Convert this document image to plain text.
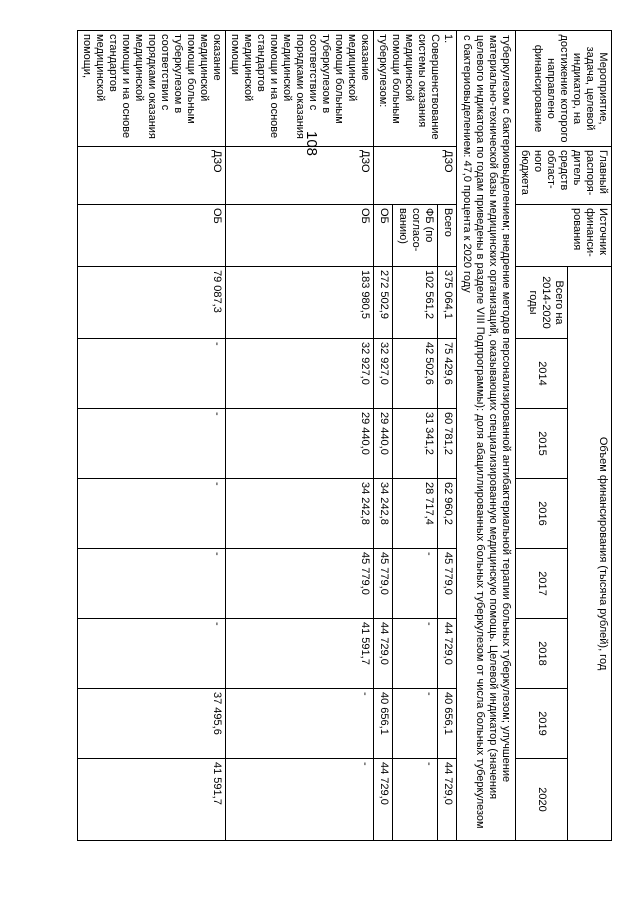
108
Мероприятие, задача, целевой индикатор, на достижение которого направлено финансирование	Главный распоря-дитель средств област-ного бюджета	Источник финанси-рования	Объем финансирования (тысяча рублей), год							
			Всего на 2014-2020 годы	2014	2015	2016	2017	2018	2019	2020
туберкулезом с бактериовыделением; внедрение методов персонализированной антибактериальной терапии больных туберкулезом; улучшение материально-технической базы медицинских организаций, оказывающих специализированную медицинскую помощь. Целевой индикатор (значения целевого индикатора по годам приведены в разделе VIII Подпрограммы): доля абациллированных больных туберкулезом от числа больных туберкулезом с бактериовыделением: 47,0 процента к 2020 году										
1. Совершенствование системы оказания медицинской помощи больным туберкулезом:	ДЗО	Всего	375 064,1	75 429,6	60 781,2	62 960,2	45 779,0	44 729,0	40 656,1	44 729,0
		ФБ (по согласо-ванию)	102 561,2	42 502,6	31 341,2	28 717,4	-	-	-	-
		ОБ	272 502,9	32 927,0	29 440,0	34 242,8	45 779,0	44 729,0	40 656,1	44 729,0
оказание медицинской помощи больным туберкулезом в соответствии с порядками оказания медицинской помощи и на основе стандартов медицинской помощи	ДЗО	ОБ	183 980,5	32 927,0	29 440,0	34 242,8	45 779,0	41 591,7	-	-
оказание медицинской помощи больным туберкулезом в соответствии с порядками оказания медицинской помощи и на основе стандартов медицинской помощи,	ДЗО	ОБ	79 087,3	-	-	-	-	-	37 495,6	41 591,7
